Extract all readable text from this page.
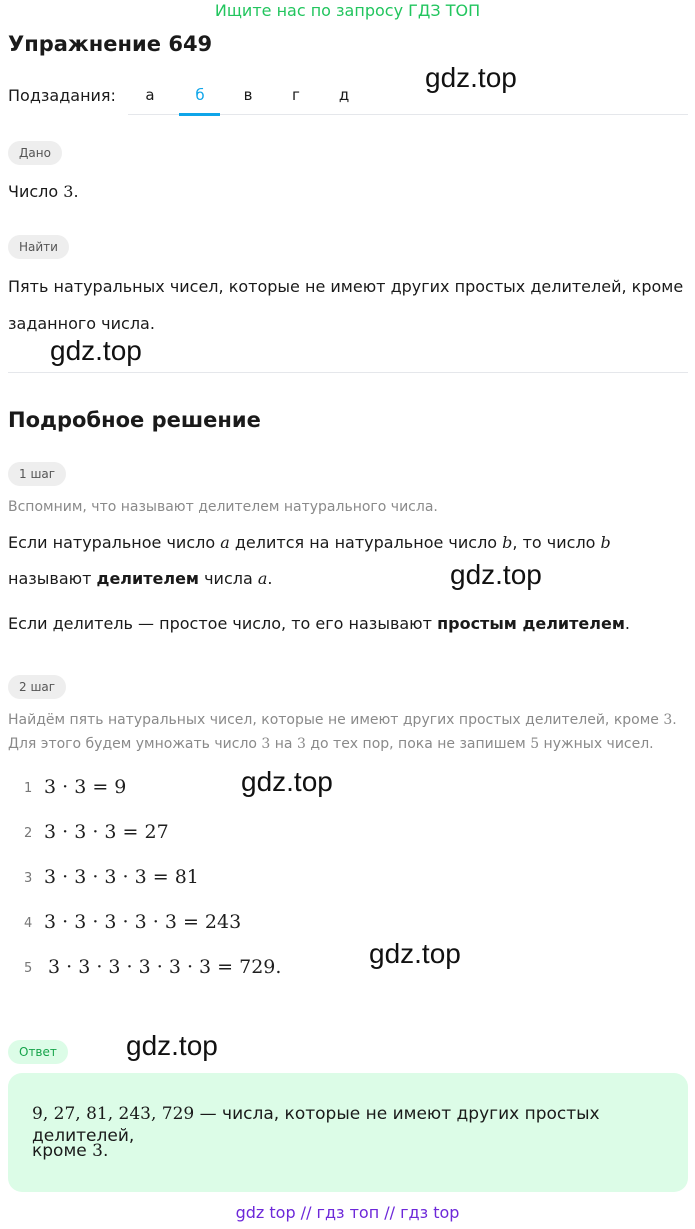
Ищите нас по запросу ГДЗ ТОП
Упражнение 649
Подзадания:	а	б	в	г	д
Дано
Число 3.
Найти
Пять натуральных чисел, которые не имеют других простых делителей, кроме
заданного числа.
Подробное решение
1 шаг
Вспомним, что называют делителем натурального числа.
Если натуральное число a делится на натуральное число b, то число b
называют делителем числа a.
Если делитель — простое число, то его называют простым делителем.
2 шаг
Найдём пять натуральных чисел, которые не имеют других простых делителей, кроме 3.
Для этого будем умножать число 3 на 3 до тех пор, пока не запишем 5 нужных чисел.
1 3 · 3 = 9
2 3 · 3 · 3 = 27
3 3 · 3 · 3 · 3 = 81
4 3 · 3 · 3 · 3 · 3 = 243
5 3 · 3 · 3 · 3 · 3 · 3 = 729.
Ответ
9, 27, 81, 243, 729 — числа, которые не имеют других простых делителей,
кроме 3.
gdz.top
gdz.top
gdz.top
gdz.top
gdz.top
gdz.top
gdz top // гдз топ // гдз top
